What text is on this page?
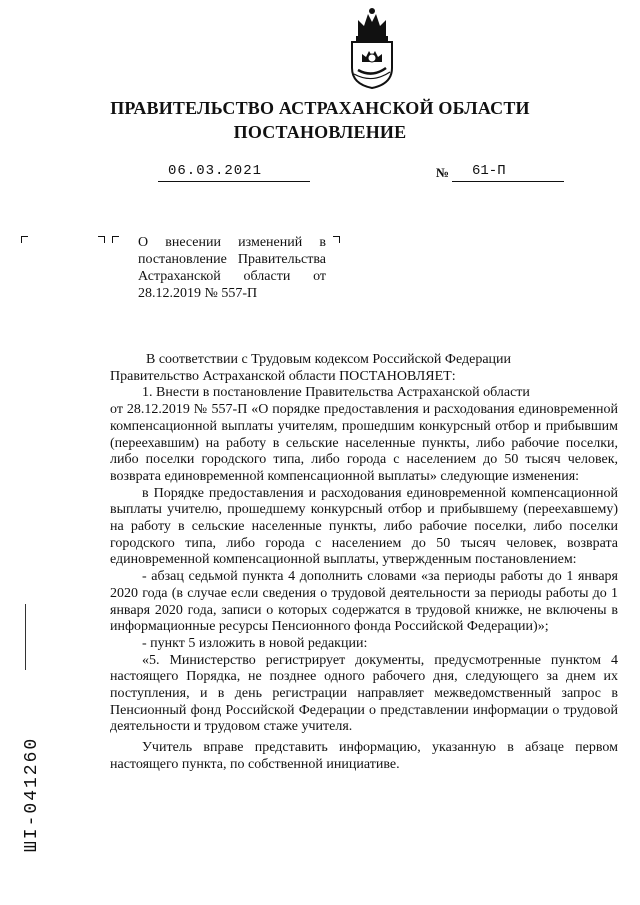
ПРАВИТЕЛЬСТВО АСТРАХАНСКОЙ ОБЛАСТИ
ПОСТАНОВЛЕНИЕ
06.03.2021	№ 61-П
О внесении изменений в постановление Правительства Астраханской области от 28.12.2019 № 557-П

В соответствии с Трудовым кодексом Российской Федерации

Правительство Астраханской области ПОСТАНОВЛЯЕТ:

1. Внести в постановление Правительства Астраханской области

от 28.12.2019 № 557-П «О порядке предоставления и расходования единовременной компенсационной выплаты учителям, прошедшим конкурсный отбор и прибывшим (переехавшим) на работу в сельские населенные пункты, либо рабочие поселки, либо поселки городского типа, либо города с населением до 50 тысяч человек, возврата единовременной компенсационной выплаты» следующие изменения:

в Порядке предоставления и расходования единовременной компенсационной выплаты учителю, прошедшему конкурсный отбор и прибывшему (переехавшему) на работу в сельские населенные пункты, либо рабочие поселки, либо поселки городского типа, либо города с населением до 50 тысяч человек, возврата единовременной компенсационной выплаты, утвержденным постановлением:

- абзац седьмой пункта 4 дополнить словами «за периоды работы до 1 января 2020 года (в случае если сведения о трудовой деятельности за периоды работы до 1 января 2020 года, записи о которых содержатся в трудовой книжке, не включены в информационные ресурсы Пенсионного фонда Российской Федерации)»;

- пункт 5 изложить в новой редакции:

«5. Министерство регистрирует документы, предусмотренные пунктом 4 настоящего Порядка, не позднее одного рабочего дня, следующего за днем их поступления, и в день регистрации направляет межведомственный запрос в Пенсионный фонд Российской Федерации о представлении информации о трудовой деятельности и трудовом стаже учителя.

Учитель вправе представить информацию, указанную в абзаце первом настоящего пункта, по собственной инициативе.

ШI-041260
